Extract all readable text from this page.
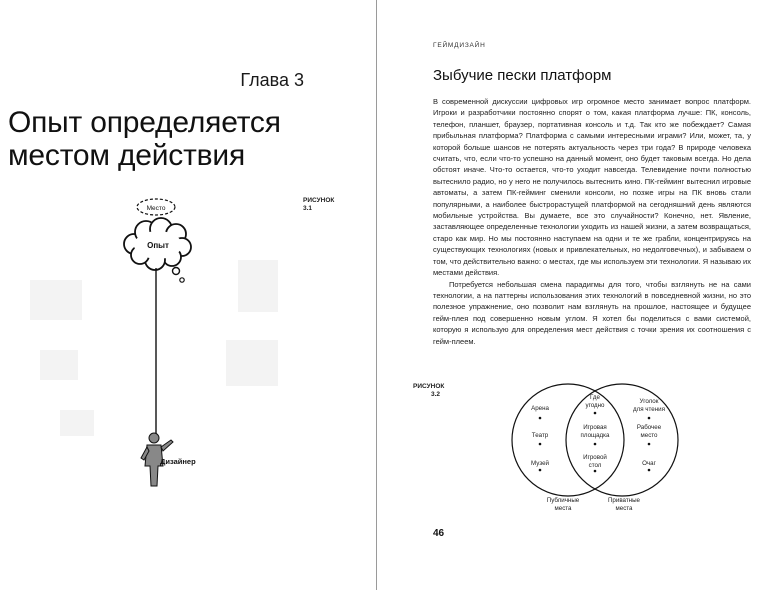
Глава 3
Опыт определяется местом действия
РИСУНОК
3.1
Место
Опыт
Дизайнер
ГЕЙМДИЗАЙН
Зыбучие пески платформ

В современной дискуссии цифровых игр огромное место занимает вопрос платформ. Игроки и разработчики постоянно спорят о том, какая платформа лучше: ПК, консоль, телефон, планшет, браузер, портативная консоль и т.д. Так кто же побеждает? Самая прибыльная платформа? Платформа с самыми интересными играми? Или, может, та, у которой больше шансов не потерять актуальность через три года? В природе человека считать, что, если что-то успешно на данный момент, оно будет таковым всегда. Но дела обстоят иначе. Что-то остается, что-то уходит навсегда. Телевидение почти полностью вытеснило радио, но у него не получилось вытеснить кино. ПК-гейминг вытеснил игровые автоматы, а затем ПК-гейминг сменили консоли, но позже игры на ПК вновь стали популярными, а наиболее быстрорастущей платформой на сегодняшний день являются мобильные устройства. Вы думаете, все это случайности? Конечно, нет. Явление, заставляющее определенные технологии уходить из нашей жизни, а затем возвращаться, старо как мир. Но мы постоянно наступаем на одни и те же грабли, концентрируясь на существующих технологиях (новых и привлекательных, но недолговечных), и забываем о том, что действительно важно: о местах, где мы используем эти технологии. Я называю их местами действия.

Потребуется небольшая смена парадигмы для того, чтобы взглянуть не на сами технологии, а на паттерны использования этих технологий в повседневной жизни, но это полезное упражнение, оно позволит нам взглянуть на прошлое, настоящее и будущее гейм-плея под совершенно новым углом. Я хотел бы поделиться с вами системой, которую я использую для определения мест действия с точки зрения их соотношения с гейм-плеем.

РИСУНОК
3.2
Арена
Театр
Музей
Где
угодно
Игровая
площадка
Игровой
стол
Уголок
для чтения
Рабочее
место
Очаг
Публичные
места
Приватные
места
46
